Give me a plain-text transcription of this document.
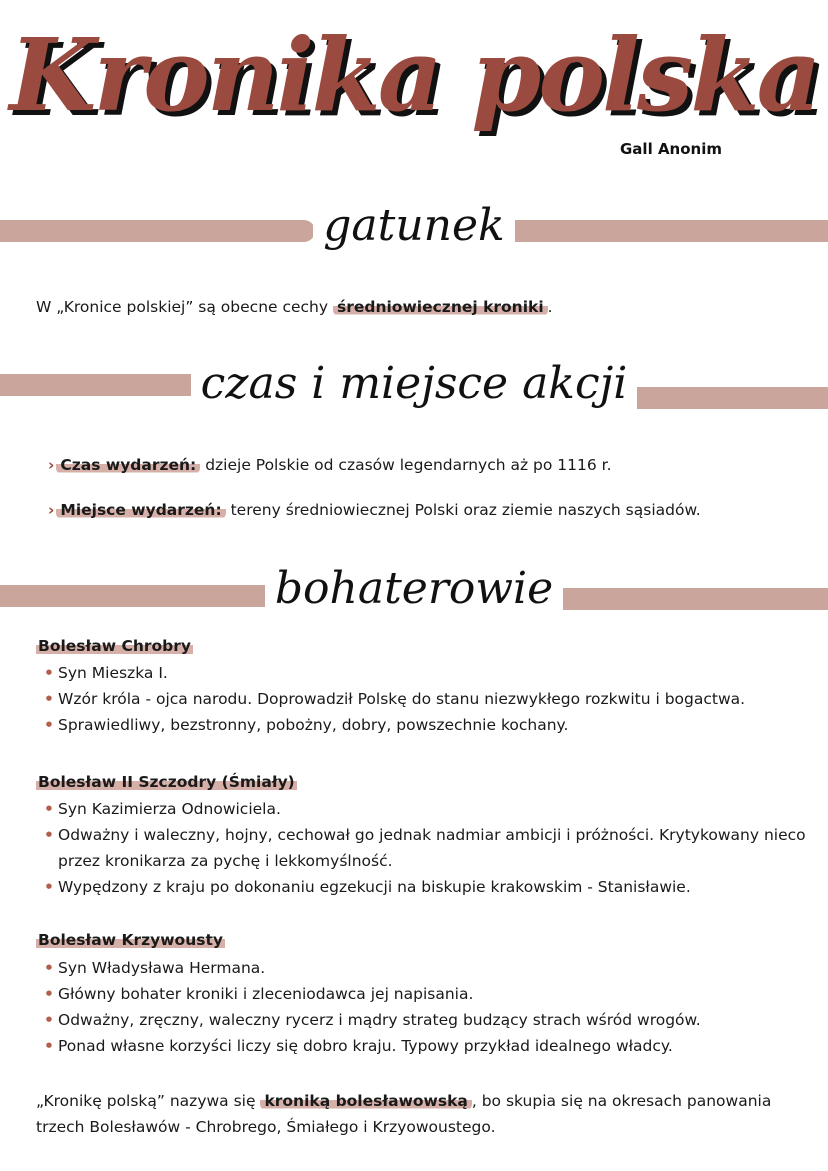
Kronika polska
Gall Anonim
gatunek

W „Kronice polskiej” są obecne cechy średniowiecznej kroniki .

czas i miejsce akcji

› Czas wydarzeń: dzieje Polskie od czasów legendarnych aż po 1116 r.

› Miejsce wydarzeń: tereny średniowiecznej Polski oraz ziemie naszych sąsiadów.

bohaterowie
Bolesław Chrobry
• Syn Mieszka I.
• Wzór króla - ojca narodu. Doprowadził Polskę do stanu niezwykłego rozkwitu i bogactwa.
• Sprawiedliwy, bezstronny, pobożny, dobry, powszechnie kochany.
Bolesław II Szczodry (Śmiały)
• Syn Kazimierza Odnowiciela.
• Odważny i waleczny, hojny, cechował go jednak nadmiar ambicji i próżności. Krytykowany nieco przez kronikarza za pychę i lekkomyślność.
• Wypędzony z kraju po dokonaniu egzekucji na biskupie krakowskim - Stanisławie.
Bolesław Krzywousty
• Syn Władysława Hermana.
• Główny bohater kroniki i zleceniodawca jej napisania.
• Odważny, zręczny, waleczny rycerz i mądry strateg budzący strach wśród wrogów.
• Ponad własne korzyści liczy się dobro kraju. Typowy przykład idealnego władcy.

„Kronikę polską” nazywa się kroniką bolesławowską , bo skupia się na okresach panowania trzech Bolesławów - Chrobrego, Śmiałego i Krzyowoustego.
